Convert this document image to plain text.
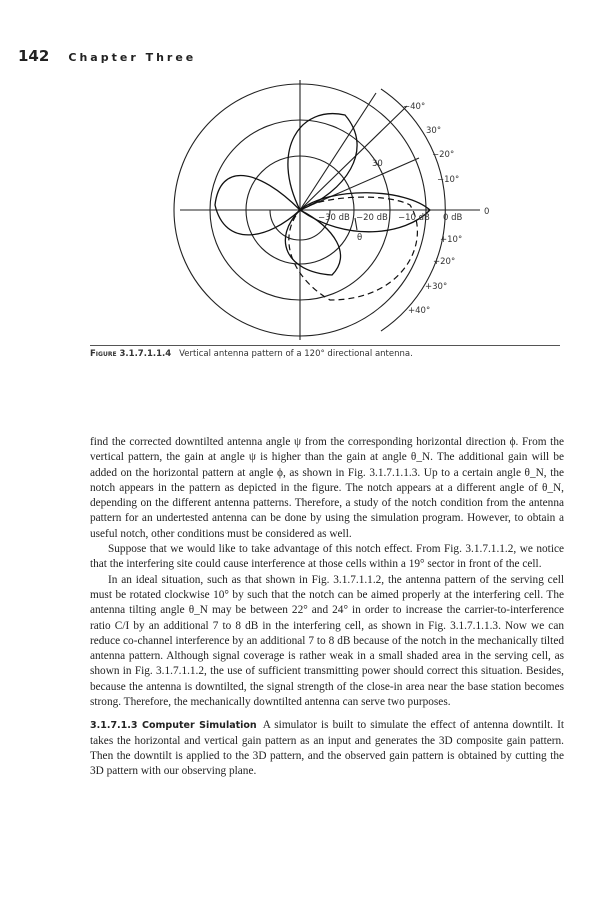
142 Chapter Three
−40°
30°
−20°
−10°
30
−30 dB −20 dB −10 dB 0 dB
0
θ	+10°
+20°
+30°
+40°
Figure 3.1.7.1.1.4 Vertical antenna pattern of a 120° directional antenna.

find the corrected downtilted antenna angle ψ from the corresponding horizontal direction ϕ. From the vertical pattern, the gain at angle ψ is higher than the gain at angle θ_N. The additional gain will be added on the horizontal pattern at angle ϕ, as shown in Fig. 3.1.7.1.1.3. Up to a certain angle θ_N, the notch appears in the pattern as depicted in the figure. The notch appears at a different angle of θ_N, depending on the different antenna patterns. Therefore, a study of the notch condition from the antenna pattern for an undertested antenna can be done by using the simulation program. However, to obtain a useful notch, other conditions must be considered as well.

Suppose that we would like to take advantage of this notch effect. From Fig. 3.1.7.1.1.2, we notice that the interfering site could cause interference at those cells within a 19° sector in front of the cell.

In an ideal situation, such as that shown in Fig. 3.1.7.1.1.2, the antenna pattern of the serving cell must be rotated clockwise 10° by such that the notch can be aimed properly at the interfering cell. The antenna tilting angle θ_N may be between 22° and 24° in order to increase the carrier-to-interference ratio C/I by an additional 7 to 8 dB in the interfering cell, as shown in Fig. 3.1.7.1.1.3. Now we can reduce co-channel interference by an additional 7 to 8 dB because of the notch in the mechanically tilted antenna pattern. Although signal coverage is rather weak in a small shaded area in the serving cell, as shown in Fig. 3.1.7.1.1.2, the use of sufficient transmitting power should correct this situation. Besides, because the antenna is downtilted, the signal strength of the close-in area near the base station becomes strong. Therefore, the mechanically downtilted antenna can serve two purposes.

3.1.7.1.3 Computer Simulation A simulator is built to simulate the effect of antenna downtilt. It takes the horizontal and vertical gain pattern as an input and generates the 3D composite gain pattern. Then the downtilt is applied to the 3D pattern, and the observed gain pattern is obtained by cutting the 3D pattern with our observing plane.
